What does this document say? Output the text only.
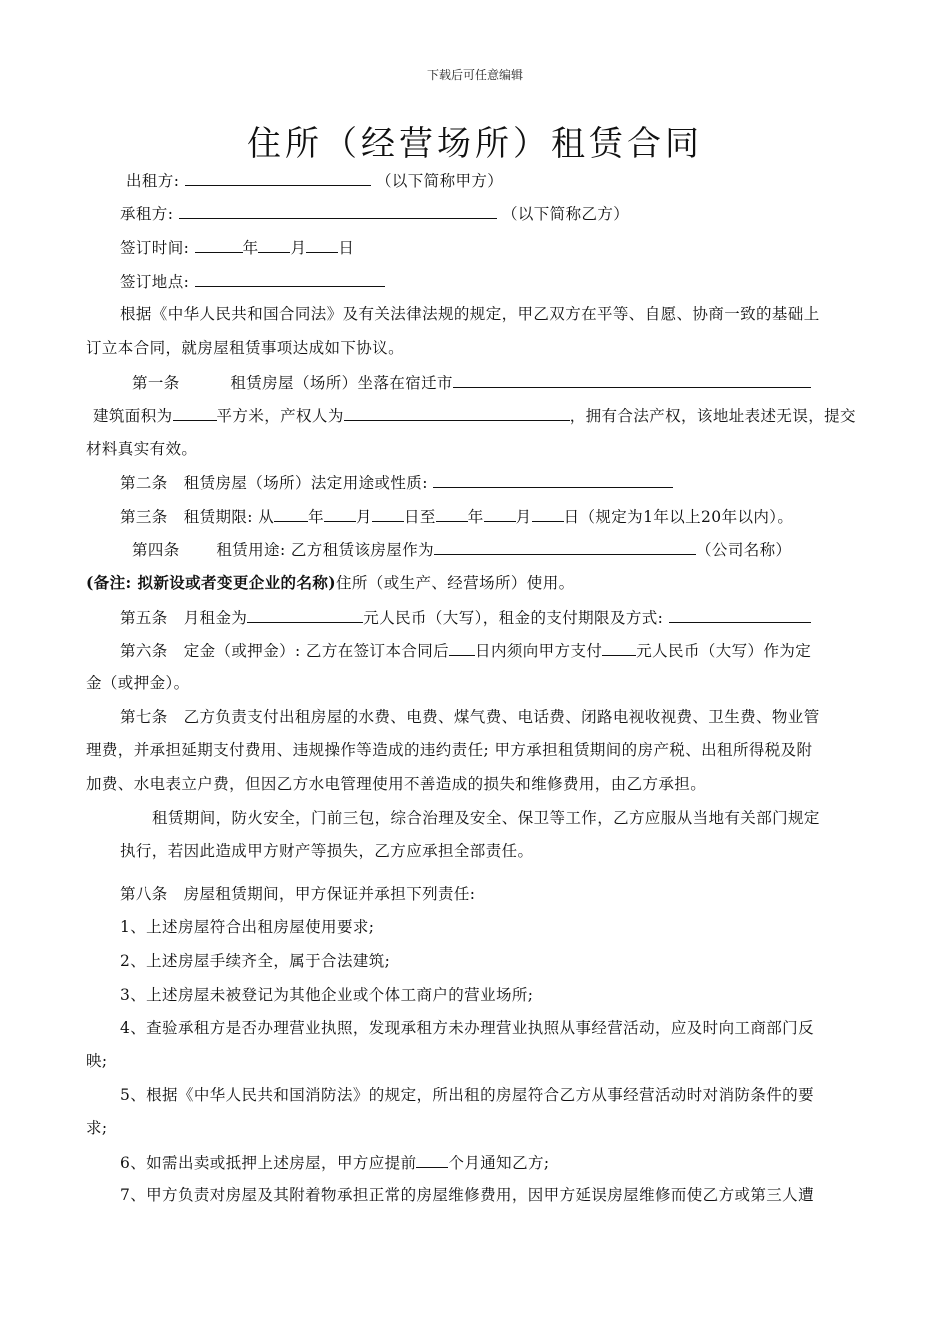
下载后可任意编辑
住所（经营场所）租赁合同
出租方:	（以下简称甲方）
承租方:	（以下简称乙方）
签订时间:	年 月 日
签订地点:
根据《中华人民共和国合同法》及有关法律法规的规定，甲乙双方在平等、自愿、协商一致的基础上
订立本合同，就房屋租赁事项达成如下协议。
第一条	租赁房屋（场所）坐落在宿迁市
建筑面积为	平方米，产权人为	，拥有合法产权，该地址表述无误，提交
材料真实有效。
第二条 租赁房屋（场所）法定用途或性质:
第三条 租赁期限: 从 年 月 日至 年 月 日（规定为1年以上20年以内）。
第四条 租赁用途: 乙方租赁该房屋作为	（公司名称）
(备注: 拟新设或者变更企业的名称)住所（或生产、经营场所）使用。
第五条 月租金为	元人民币（大写），租金的支付期限及方式:
第六条 定金（或押金）: 乙方在签订本合同后 日内须向甲方支付 元人民币（大写）作为定
金（或押金）。
第七条　乙方负责支付出租房屋的水费、电费、煤气费、电话费、闭路电视收视费、卫生费、物业管
理费，并承担延期支付费用、违规操作等造成的违约责任; 甲方承担租赁期间的房产税、出租所得税及附
加费、水电表立户费，但因乙方水电管理使用不善造成的损失和维修费用，由乙方承担。
租赁期间，防火安全，门前三包，综合治理及安全、保卫等工作，乙方应服从当地有关部门规定
执行，若因此造成甲方财产等损失，乙方应承担全部责任。
第八条　房屋租赁期间，甲方保证并承担下列责任:
1、上述房屋符合出租房屋使用要求;
2、上述房屋手续齐全，属于合法建筑;
3、上述房屋未被登记为其他企业或个体工商户的营业场所;
4、查验承租方是否办理营业执照，发现承租方未办理营业执照从事经营活动，应及时向工商部门反
映;
5、根据《中华人民共和国消防法》的规定，所出租的房屋符合乙方从事经营活动时对消防条件的要
求;
6、如需出卖或抵押上述房屋，甲方应提前 个月通知乙方;
7、甲方负责对房屋及其附着物承担正常的房屋维修费用，因甲方延误房屋维修而使乙方或第三人遭
